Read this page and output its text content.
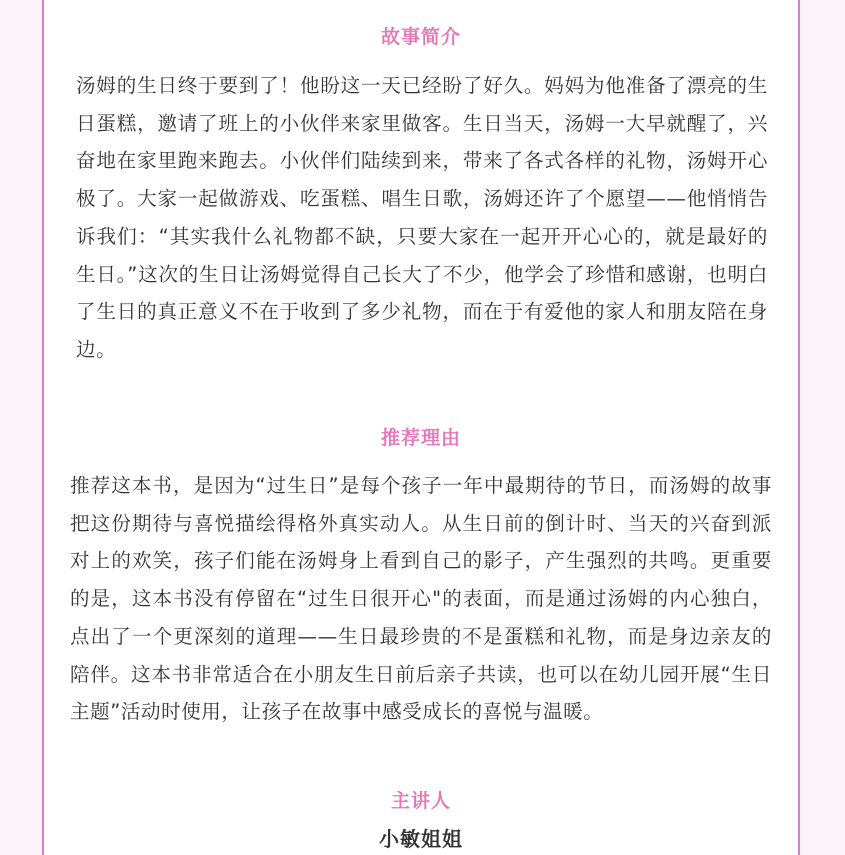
故事简介

汤姆的生日终于要到了！他盼这一天已经盼了好久。妈妈为他准备了漂亮的生日蛋糕，邀请了班上的小伙伴来家里做客。生日当天，汤姆一大早就醒了，兴奋地在家里跑来跑去。小伙伴们陆续到来，带来了各式各样的礼物，汤姆开心极了。大家一起做游戏、吃蛋糕、唱生日歌，汤姆还许了个愿望——他悄悄告诉我们：“其实我什么礼物都不缺，只要大家在一起开开心心的，就是最好的生日。”这次的生日让汤姆觉得自己长大了不少，他学会了珍惜和感谢，也明白了生日的真正意义不在于收到了多少礼物，而在于有爱他的家人和朋友陪在身边。

推荐理由

推荐这本书，是因为“过生日”是每个孩子一年中最期待的节日，而汤姆的故事把这份期待与喜悦描绘得格外真实动人。从生日前的倒计时、当天的兴奋到派对上的欢笑，孩子们能在汤姆身上看到自己的影子，产生强烈的共鸣。更重要的是，这本书没有停留在“过生日很开心"的表面，而是通过汤姆的内心独白，点出了一个更深刻的道理——生日最珍贵的不是蛋糕和礼物，而是身边亲友的陪伴。这本书非常适合在小朋友生日前后亲子共读，也可以在幼儿园开展“生日主题”活动时使用，让孩子在故事中感受成长的喜悦与温暖。

主讲人
小敏姐姐
